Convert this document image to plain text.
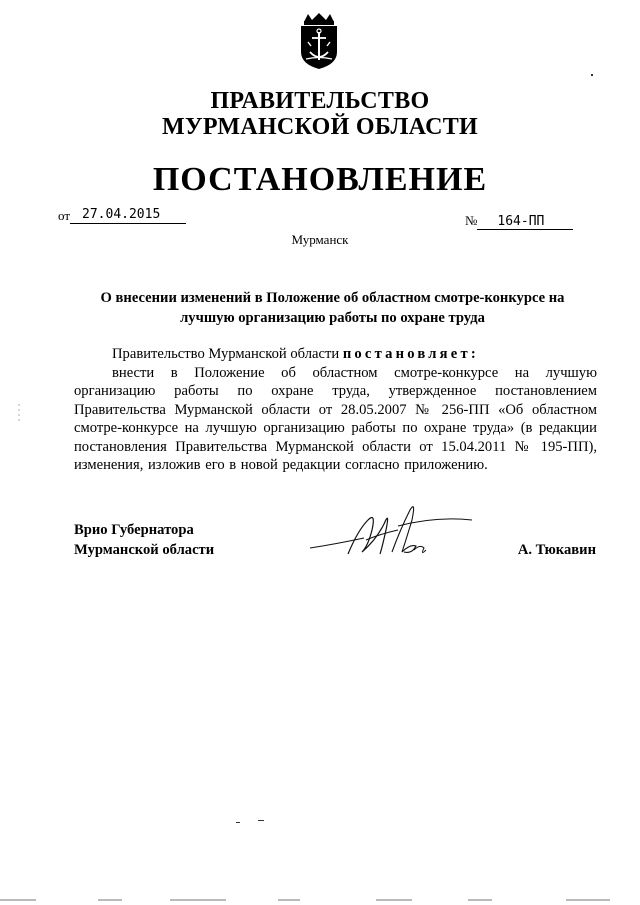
ПРАВИТЕЛЬСТВО
МУРМАНСКОЙ ОБЛАСТИ
ПОСТАНОВЛЕНИЕ
от 27.04.2015	№ 164-ПП
Мурманск
О внесении изменений в Положение об областном смотре-конкурсе на
лучшую организацию работы по охране труда

Правительство Мурманской области постановляет:

внести в Положение об областном смотре-конкурсе на лучшую организацию работы по охране труда, утвержденное постановлением Правительства Мурманской области от 28.05.2007 № 256-ПП «Об областном смотре-конкурсе на лучшую организацию работы по охране труда» (в редакции постановления Правительства Мурманской области от 15.04.2011 № 195-ПП), изменения, изложив его в новой редакции согласно приложению.

Врио Губернатора
Мурманской области	А. Тюкавин
